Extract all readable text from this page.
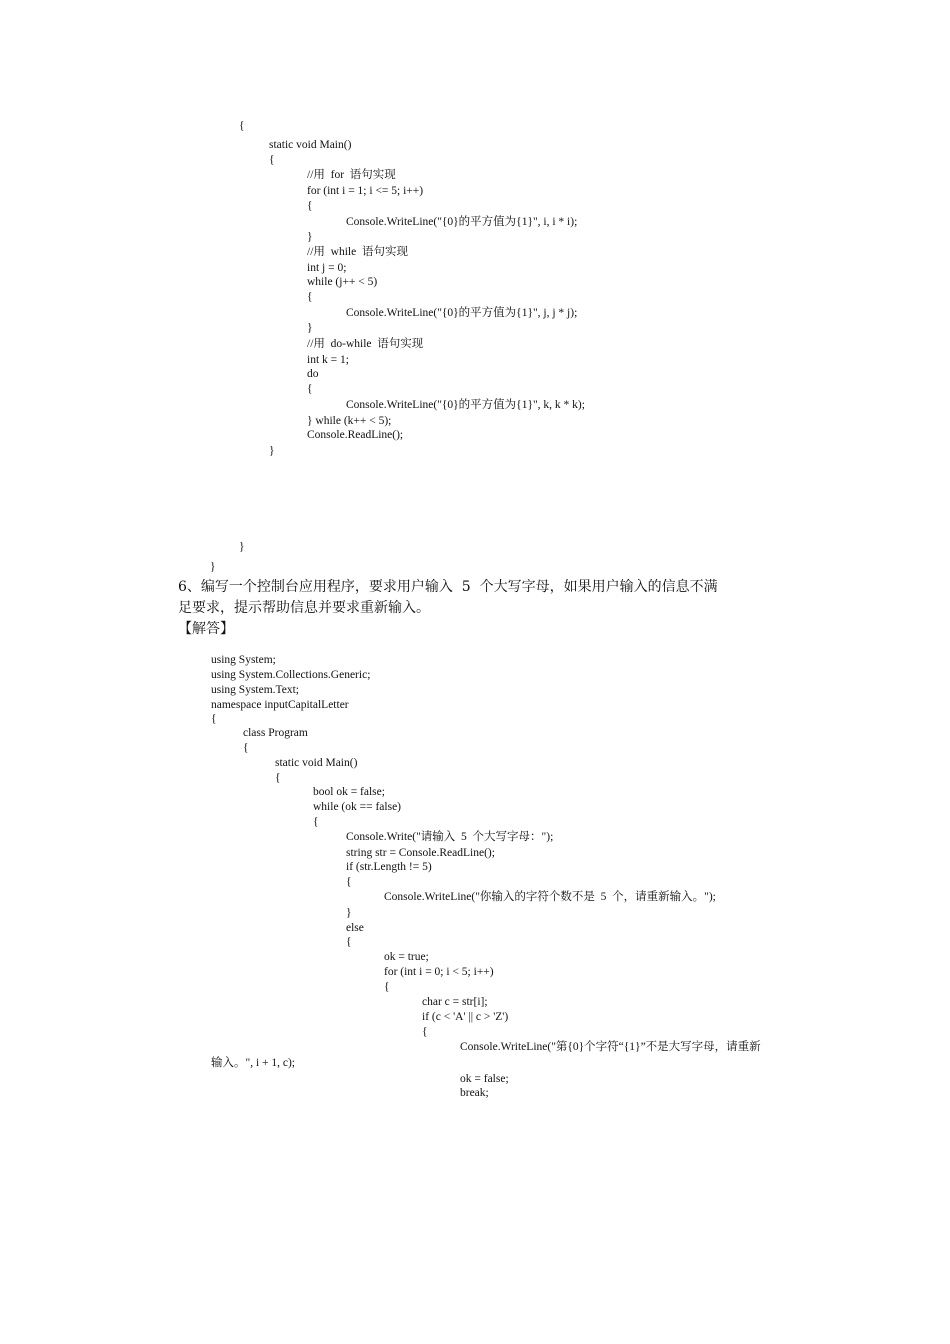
{
static void Main()
{
//用  for  语句实现
for (int i = 1; i <= 5; i++)
{
Console.WriteLine("{0}的平方值为{1}", i, i * i);
}
//用  while  语句实现
int j = 0;
while (j++ < 5)
{
Console.WriteLine("{0}的平方值为{1}", j, j * j);
}
//用  do-while  语句实现
int k = 1;
do
{
Console.WriteLine("{0}的平方值为{1}", k, k * k);
} while (k++ < 5);
Console.ReadLine();
}
}
}
6、编写一个控制台应用程序，要求用户输入  5  个大写字母，如果用户输入的信息不满
足要求，提示帮助信息并要求重新输入。
【解答】
using System;
using System.Collections.Generic;
using System.Text;
namespace inputCapitalLetter
{
class Program
{
static void Main()
{
bool ok = false;
while (ok == false)
{
Console.Write("请输入  5  个大写字母：");
string str = Console.ReadLine();
if (str.Length != 5)
{
Console.WriteLine("你输入的字符个数不是  5  个，请重新输入。");
}
else
{
ok = true;
for (int i = 0; i < 5; i++)
{
char c = str[i];
if (c < 'A' || c > 'Z')
{
Console.WriteLine("第{0}个字符“{1}”不是大写字母，请重新
输入。", i + 1, c);
ok = false;
break;
